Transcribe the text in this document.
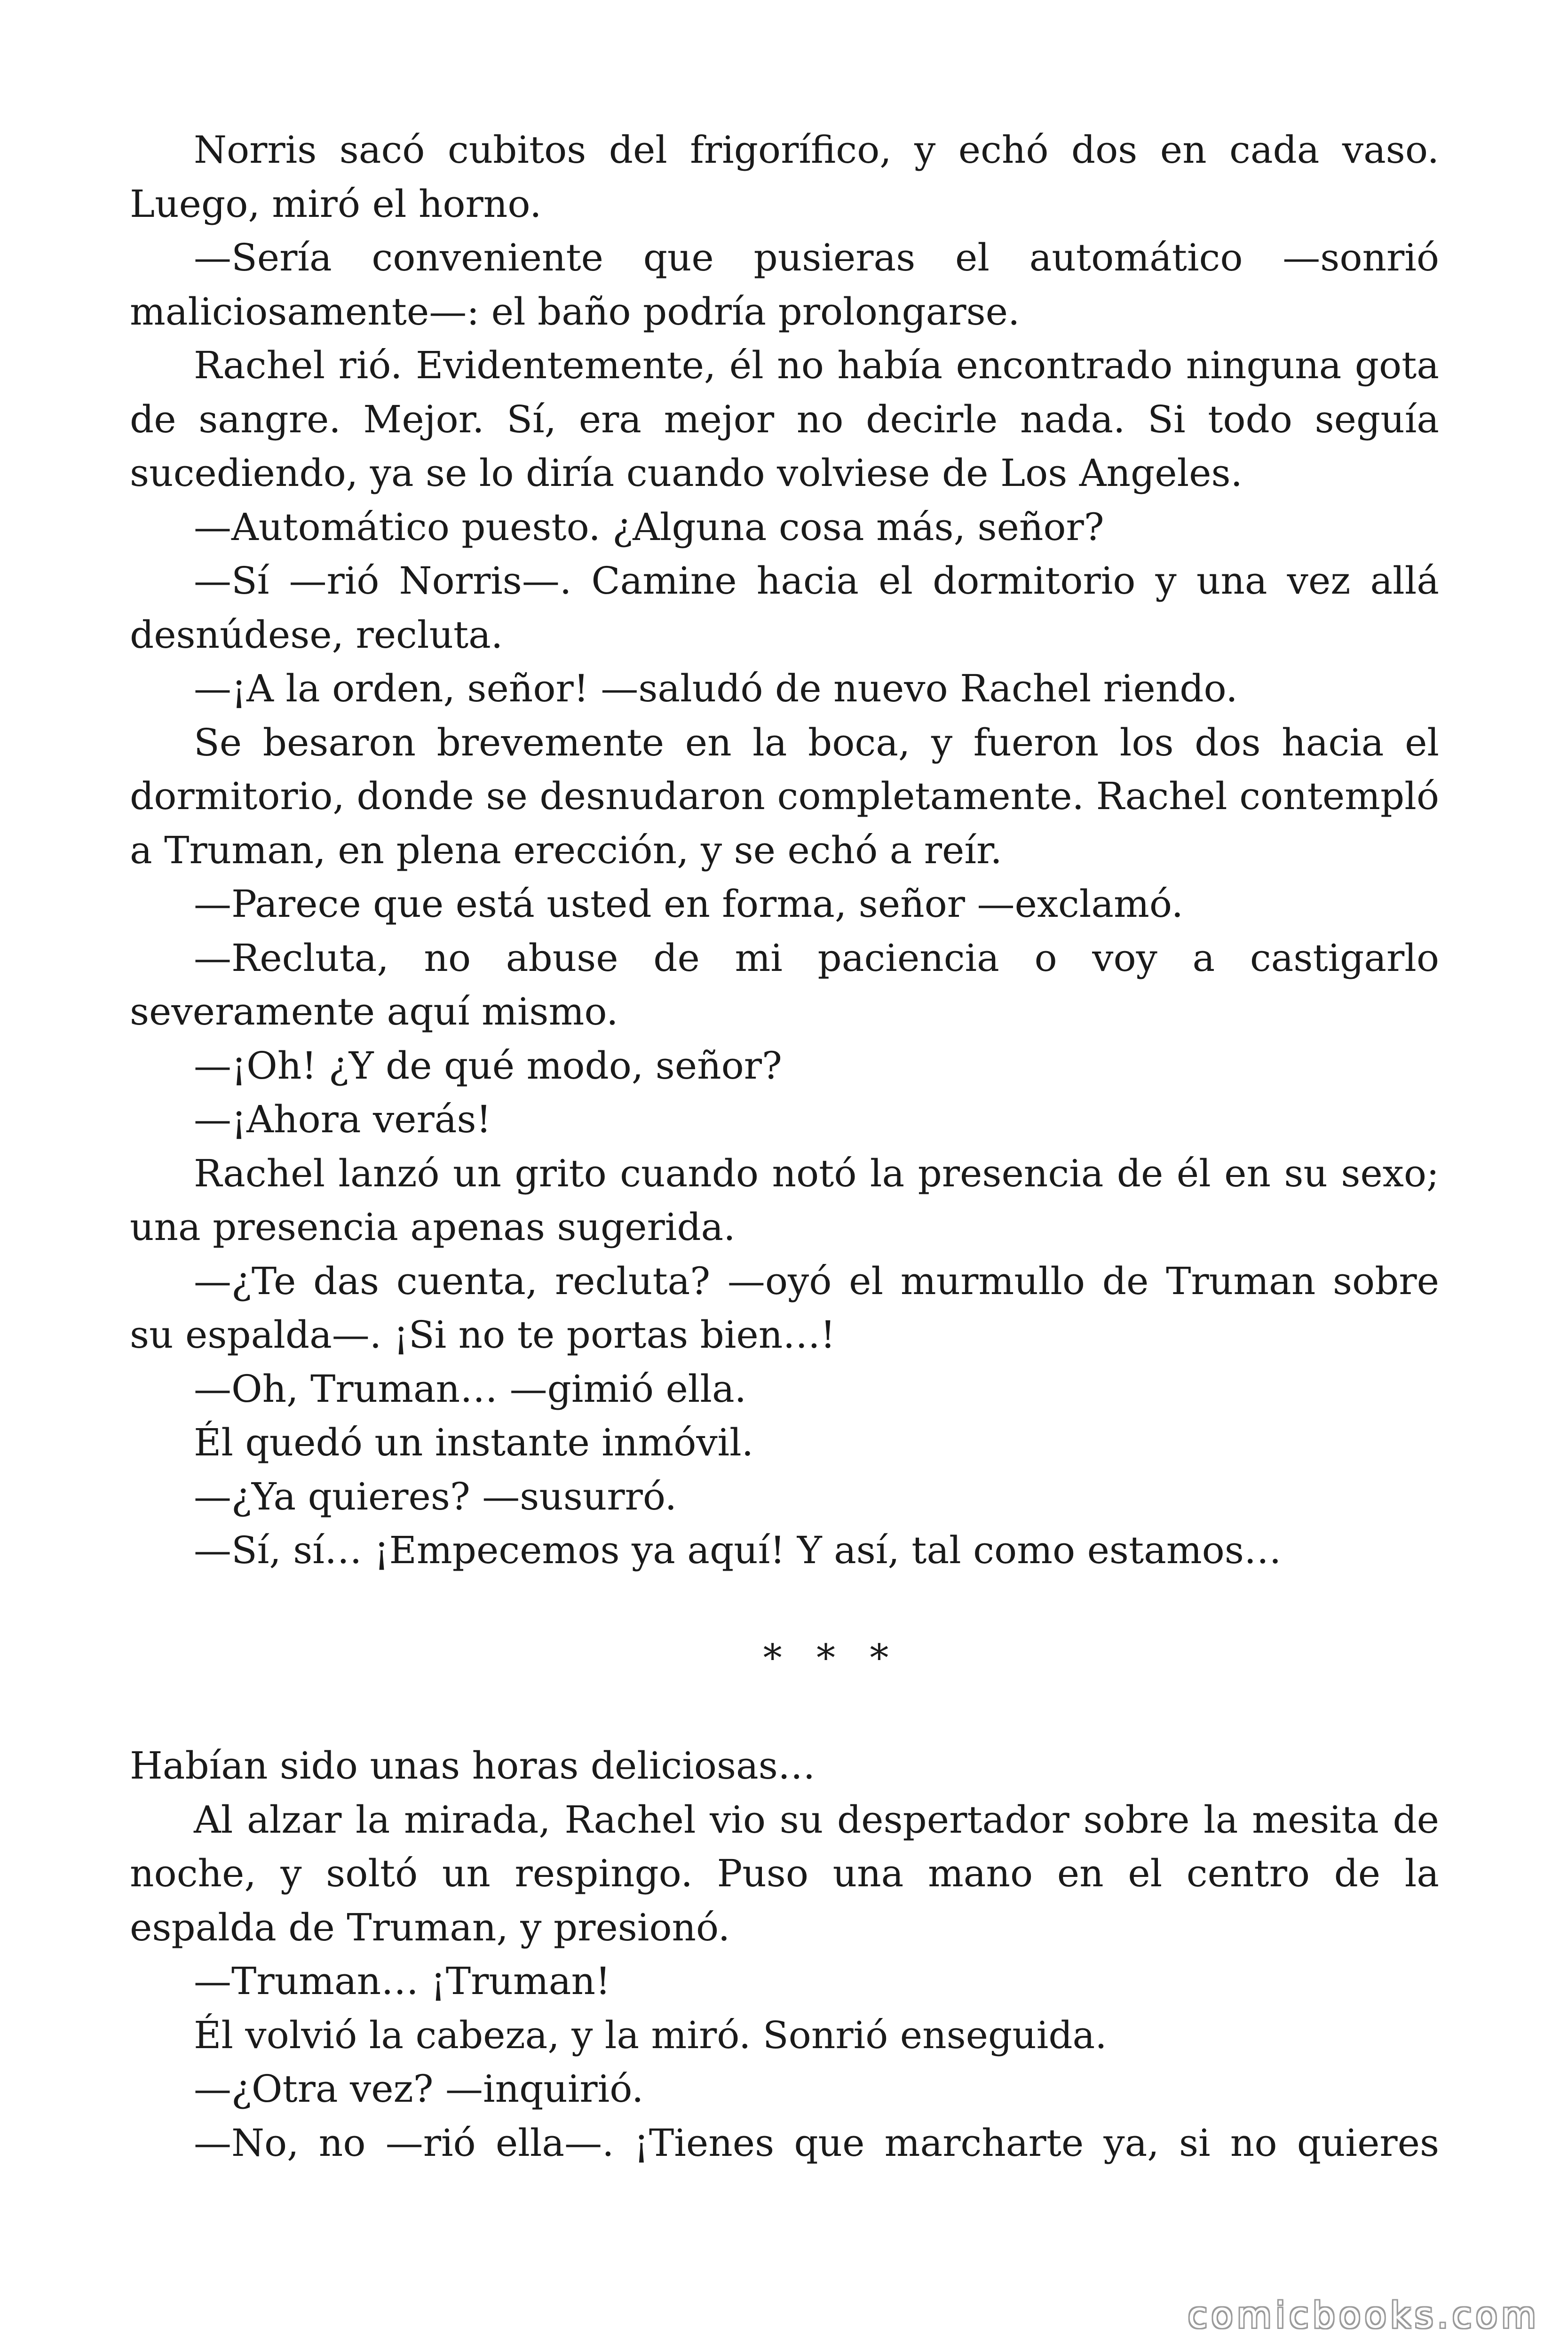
Norris sacó cubitos del frigorífico, y echó dos en cada vaso. Luego, miró el horno.

—Sería conveniente que pusieras el automático —sonrió maliciosamente—: el baño podría prolongarse.

Rachel rió. Evidentemente, él no había encontrado ninguna gota de sangre. Mejor. Sí, era mejor no decirle nada. Si todo seguía sucediendo, ya se lo diría cuando volviese de Los Angeles.

—Automático puesto. ¿Alguna cosa más, señor?

—Sí —rió Norris—. Camine hacia el dormitorio y una vez allá desnúdese, recluta.

—¡A la orden, señor! —saludó de nuevo Rachel riendo.

Se besaron brevemente en la boca, y fueron los dos hacia el dormitorio, donde se desnudaron completamente. Rachel contempló a Truman, en plena erección, y se echó a reír.

—Parece que está usted en forma, señor —exclamó.

—Recluta, no abuse de mi paciencia o voy a castigarlo severamente aquí mismo.

—¡Oh! ¿Y de qué modo, señor?

—¡Ahora verás!

Rachel lanzó un grito cuando notó la presencia de él en su sexo; una presencia apenas sugerida.

—¿Te das cuenta, recluta? —oyó el murmullo de Truman sobre su espalda—. ¡Si no te portas bien…!

—Oh, Truman… —gimió ella.

Él quedó un instante inmóvil.

—¿Ya quieres? —susurró.

—Sí, sí… ¡Empecemos ya aquí! Y así, tal como estamos…

* * *

Habían sido unas horas deliciosas…

Al alzar la mirada, Rachel vio su despertador sobre la mesita de noche, y soltó un respingo. Puso una mano en el centro de la espalda de Truman, y presionó.

—Truman… ¡Truman!

Él volvió la cabeza, y la miró. Sonrió enseguida.

—¿Otra vez? —inquirió.

—No, no —rió ella—. ¡Tienes que marcharte ya, si no quieres

comicbooks.com
